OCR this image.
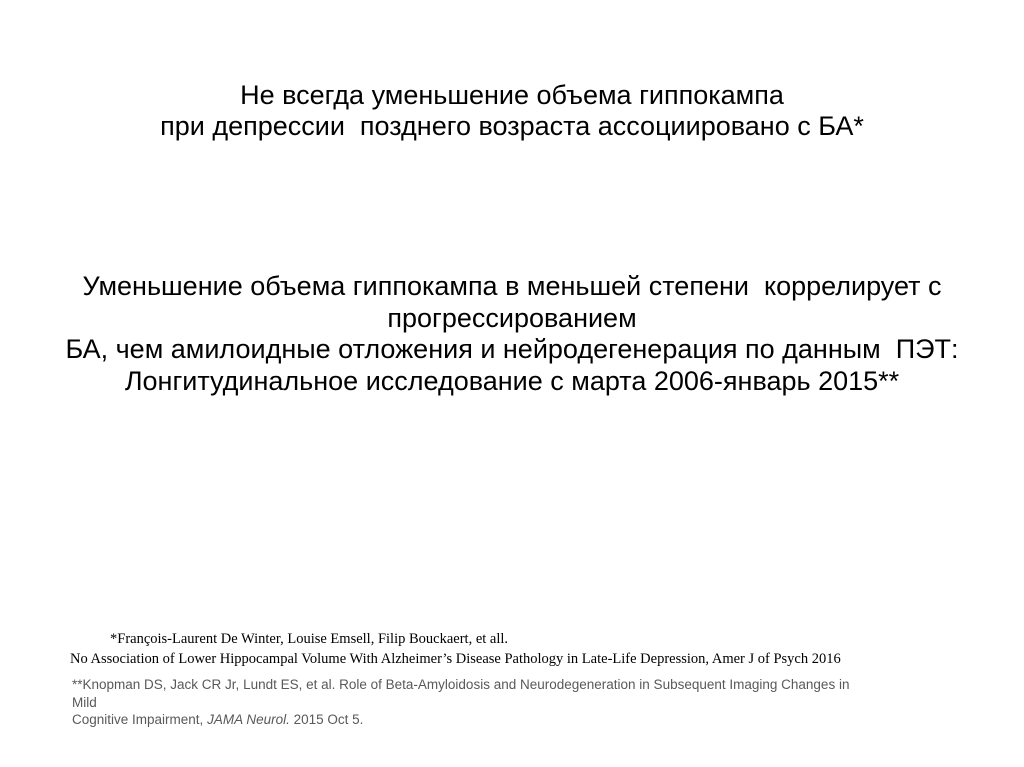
Не всегда уменьшение объема гиппокампа
при депрессии  позднего возраста ассоциировано с БА*
Уменьшение объема гиппокампа в меньшей степени  коррелирует с
прогрессированием
БА, чем амилоидные отложения и нейродегенерация по данным  ПЭТ:
Лонгитудинальное исследование с марта 2006-январь 2015**
*François-Laurent De Winter, Louise Emsell, Filip Bouckaert, et all.
No Association of Lower Hippocampal Volume With Alzheimer’s Disease Pathology in Late-Life Depression, Amer J of Psych 2016
**Knopman DS, Jack CR Jr, Lundt ES, et al. Role of Beta-Amyloidosis and Neurodegeneration in Subsequent Imaging Changes in Mild
Cognitive Impairment, JAMA Neurol. 2015 Oct 5.
